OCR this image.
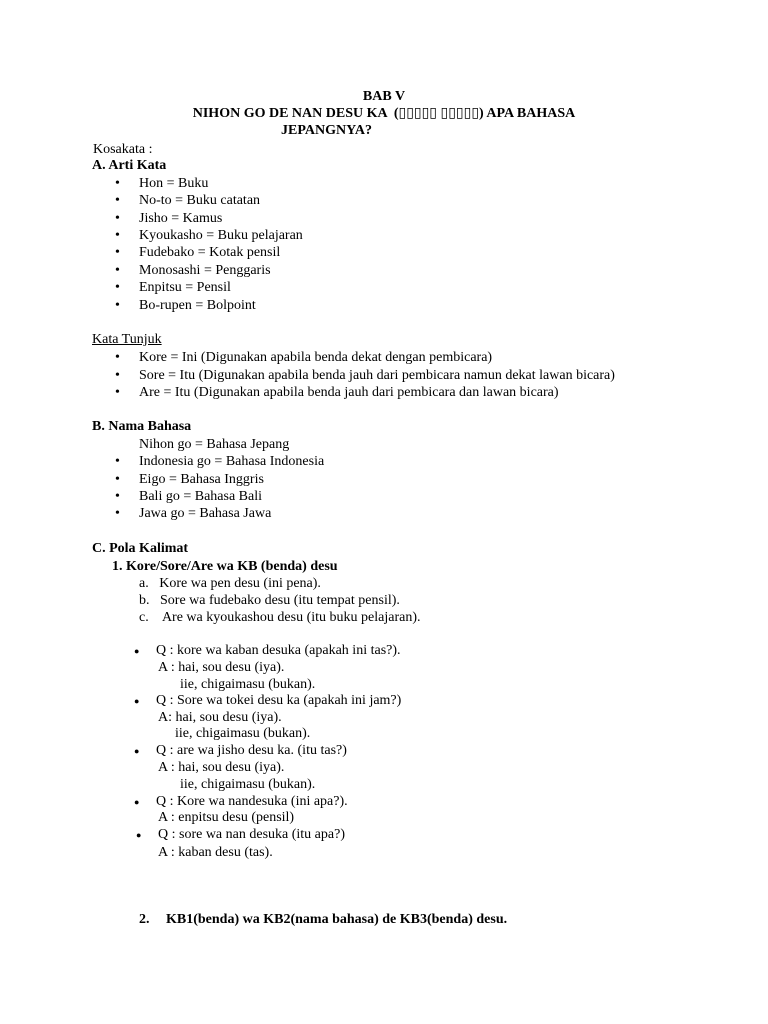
BAB V
NIHON GO DE NAN DESU KA  (▯▯▯▯▯ ▯▯▯▯▯) APA BAHASA
JEPANGNYA?
Kosakata :
A. Arti Kata
• Hon = Buku
• No-to = Buku catatan
• Jisho = Kamus
• Kyoukasho = Buku pelajaran
• Fudebako = Kotak pensil
• Monosashi = Penggaris
• Enpitsu = Pensil
• Bo-rupen = Bolpoint
Kata Tunjuk
• Kore = Ini (Digunakan apabila benda dekat dengan pembicara)
• Sore = Itu (Digunakan apabila benda jauh dari pembicara namun dekat lawan bicara)
• Are = Itu (Digunakan apabila benda jauh dari pembicara dan lawan bicara)
B. Nama Bahasa
Nihon go = Bahasa Jepang
• Indonesia go = Bahasa Indonesia
• Eigo = Bahasa Inggris
• Bali go = Bahasa Bali
• Jawa go = Bahasa Jawa
C. Pola Kalimat
1. Kore/Sore/Are wa KB (benda) desu
a.   Kore wa pen desu (ini pena).
b.   Sore wa fudebako desu (itu tempat pensil).
c.    Are wa kyoukashou desu (itu buku pelajaran).
● Q : kore wa kaban desuka (apakah ini tas?).
A : hai, sou desu (iya).
iie, chigaimasu (bukan).
● Q : Sore wa tokei desu ka (apakah ini jam?)
A: hai, sou desu (iya).
iie, chigaimasu (bukan).
● Q : are wa jisho desu ka. (itu tas?)
A : hai, sou desu (iya).
iie, chigaimasu (bukan).
● Q : Kore wa nandesuka (ini apa?).
A : enpitsu desu (pensil)
● Q : sore wa nan desuka (itu apa?)
A : kaban desu (tas).
2. KB1(benda) wa KB2(nama bahasa) de KB3(benda) desu.
